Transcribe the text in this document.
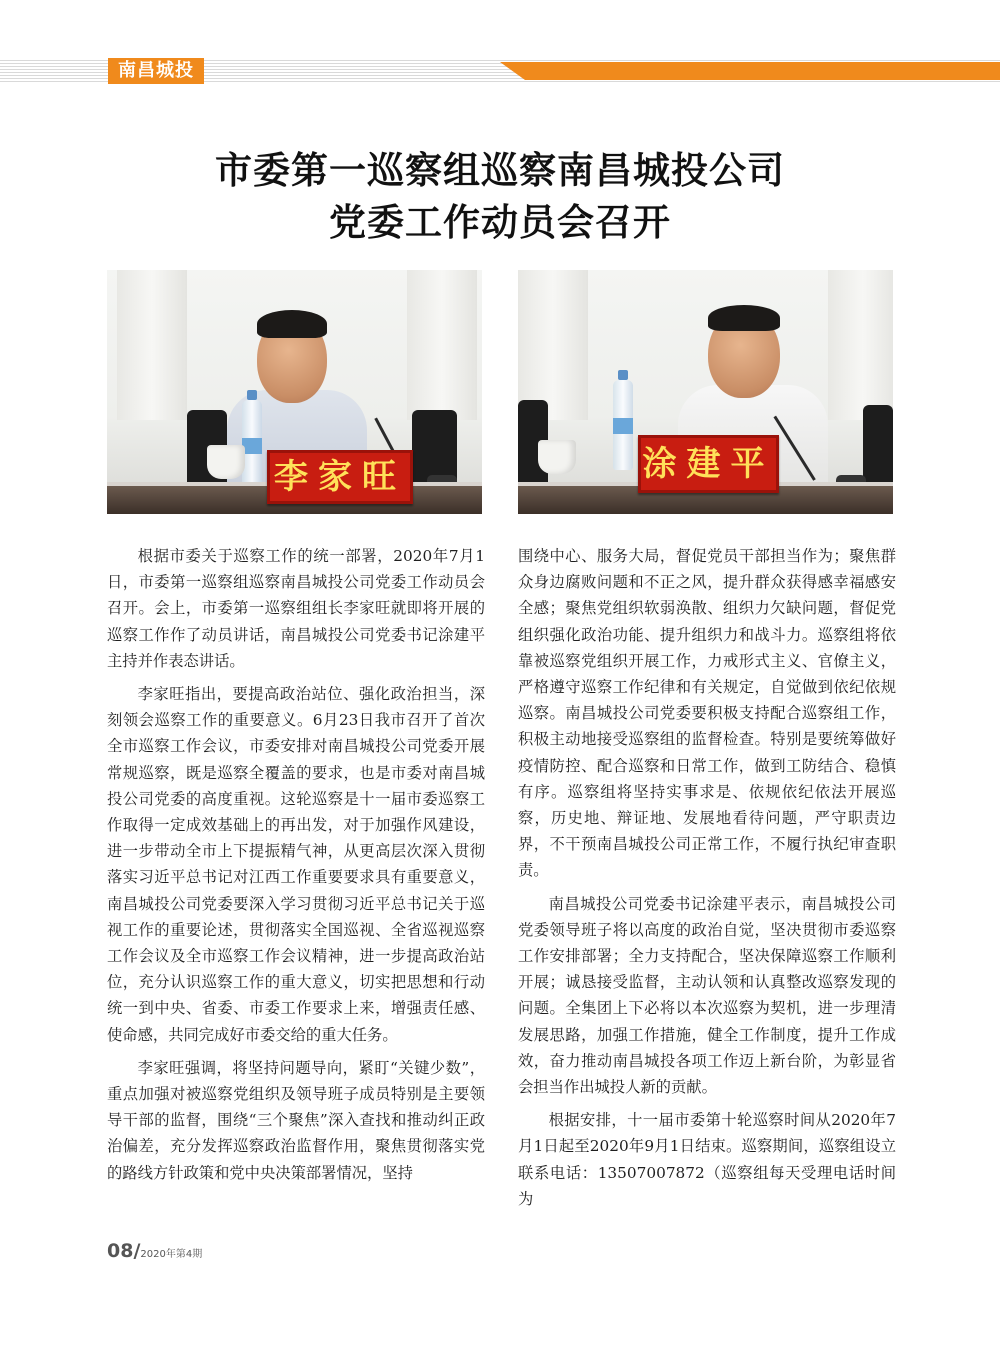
南昌城投
市委第一巡察组巡察南昌城投公司
党委工作动员会召开
李家旺	涂建平

根据市委关于巡察工作的统一部署，2020年7月1日，市委第一巡察组巡察南昌城投公司党委工作动员会召开。会上，市委第一巡察组组长李家旺就即将开展的巡察工作作了动员讲话，南昌城投公司党委书记涂建平主持并作表态讲话。

李家旺指出，要提高政治站位、强化政治担当，深刻领会巡察工作的重要意义。6月23日我市召开了首次全市巡察工作会议，市委安排对南昌城投公司党委开展常规巡察，既是巡察全覆盖的要求，也是市委对南昌城投公司党委的高度重视。这轮巡察是十一届市委巡察工作取得一定成效基础上的再出发，对于加强作风建设，进一步带动全市上下提振精气神，从更高层次深入贯彻落实习近平总书记对江西工作重要要求具有重要意义，南昌城投公司党委要深入学习贯彻习近平总书记关于巡视工作的重要论述，贯彻落实全国巡视、全省巡视巡察工作会议及全市巡察工作会议精神，进一步提高政治站位，充分认识巡察工作的重大意义，切实把思想和行动统一到中央、省委、市委工作要求上来，增强责任感、使命感，共同完成好市委交给的重大任务。

李家旺强调，将坚持问题导向，紧盯“关键少数”，重点加强对被巡察党组织及领导班子成员特别是主要领导干部的监督，围绕“三个聚焦”深入查找和推动纠正政治偏差，充分发挥巡察政治监督作用，聚焦贯彻落实党的路线方针政策和党中央决策部署情况，坚持

围绕中心、服务大局，督促党员干部担当作为；聚焦群众身边腐败问题和不正之风，提升群众获得感幸福感安全感；聚焦党组织软弱涣散、组织力欠缺问题，督促党组织强化政治功能、提升组织力和战斗力。巡察组将依靠被巡察党组织开展工作，力戒形式主义、官僚主义，严格遵守巡察工作纪律和有关规定，自觉做到依纪依规巡察。南昌城投公司党委要积极支持配合巡察组工作，积极主动地接受巡察组的监督检查。特别是要统筹做好疫情防控、配合巡察和日常工作，做到工防结合、稳慎有序。巡察组将坚持实事求是、依规依纪依法开展巡察，历史地、辩证地、发展地看待问题，严守职责边界，不干预南昌城投公司正常工作，不履行执纪审查职责。

南昌城投公司党委书记涂建平表示，南昌城投公司党委领导班子将以高度的政治自觉，坚决贯彻市委巡察工作安排部署；全力支持配合，坚决保障巡察工作顺利开展；诚恳接受监督，主动认领和认真整改巡察发现的问题。全集团上下必将以本次巡察为契机，进一步理清发展思路，加强工作措施，健全工作制度，提升工作成效，奋力推动南昌城投各项工作迈上新台阶，为彰显省会担当作出城投人新的贡献。

根据安排，十一届市委第十轮巡察时间从2020年7月1日起至2020年9月1日结束。巡察期间，巡察组设立联系电话：13507007872（巡察组每天受理电话时间为

08/2020年第4期
